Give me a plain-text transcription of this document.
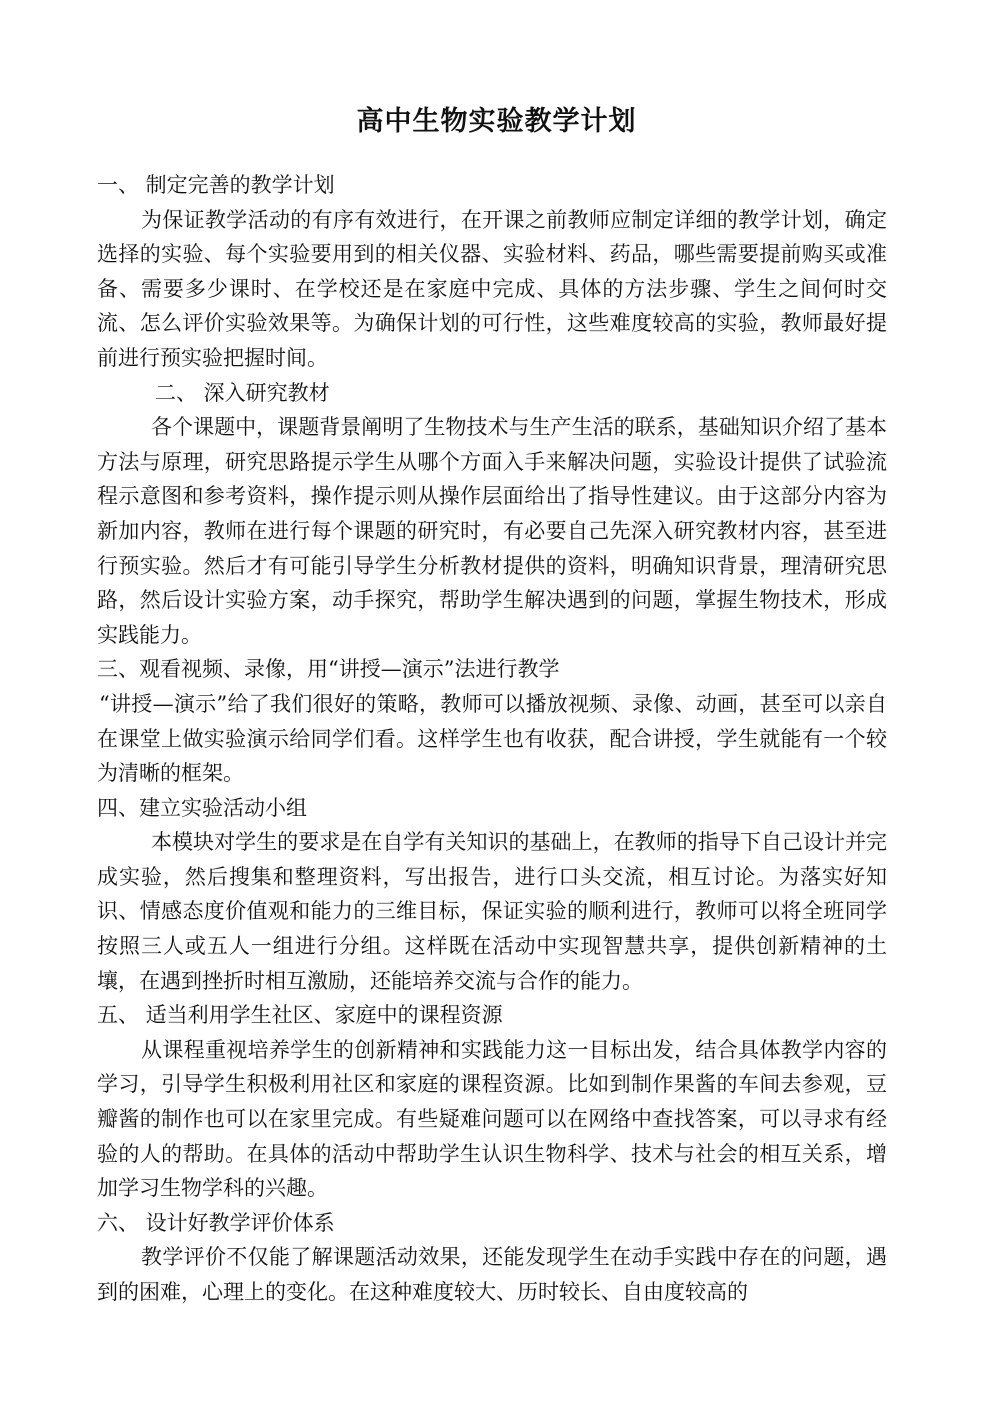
高中生物实验教学计划

一、 制定完善的教学计划

为保证教学活动的有序有效进行，在开课之前教师应制定详细的教学计划，确定选择的实验、每个实验要用到的相关仪器、实验材料、药品，哪些需要提前购买或准备、需要多少课时、在学校还是在家庭中完成、具体的方法步骤、学生之间何时交流、怎么评价实验效果等。为确保计划的可行性，这些难度较高的实验，教师最好提前进行预实验把握时间。

二、 深入研究教材

各个课题中，课题背景阐明了生物技术与生产生活的联系，基础知识介绍了基本方法与原理，研究思路提示学生从哪个方面入手来解决问题，实验设计提供了试验流程示意图和参考资料，操作提示则从操作层面给出了指导性建议。由于这部分内容为新加内容，教师在进行每个课题的研究时，有必要自己先深入研究教材内容，甚至进行预实验。然后才有可能引导学生分析教材提供的资料，明确知识背景，理清研究思路，然后设计实验方案，动手探究，帮助学生解决遇到的问题，掌握生物技术，形成实践能力。

三、观看视频、录像，用“讲授—演示”法进行教学

“讲授—演示”给了我们很好的策略，教师可以播放视频、录像、动画，甚至可以亲自在课堂上做实验演示给同学们看。这样学生也有收获，配合讲授，学生就能有一个较为清晰的框架。

四、建立实验活动小组

本模块对学生的要求是在自学有关知识的基础上，在教师的指导下自己设计并完成实验，然后搜集和整理资料，写出报告，进行口头交流，相互讨论。为落实好知识、情感态度价值观和能力的三维目标，保证实验的顺利进行，教师可以将全班同学按照三人或五人一组进行分组。这样既在活动中实现智慧共享，提供创新精神的土壤，在遇到挫折时相互激励，还能培养交流与合作的能力。

五、 适当利用学生社区、家庭中的课程资源

从课程重视培养学生的创新精神和实践能力这一目标出发，结合具体教学内容的学习，引导学生积极利用社区和家庭的课程资源。比如到制作果酱的车间去参观，豆瓣酱的制作也可以在家里完成。有些疑难问题可以在网络中查找答案，可以寻求有经验的人的帮助。在具体的活动中帮助学生认识生物科学、技术与社会的相互关系，增加学习生物学科的兴趣。

六、 设计好教学评价体系

教学评价不仅能了解课题活动效果，还能发现学生在动手实践中存在的问题，遇到的困难，心理上的变化。在这种难度较大、历时较长、自由度较高的
